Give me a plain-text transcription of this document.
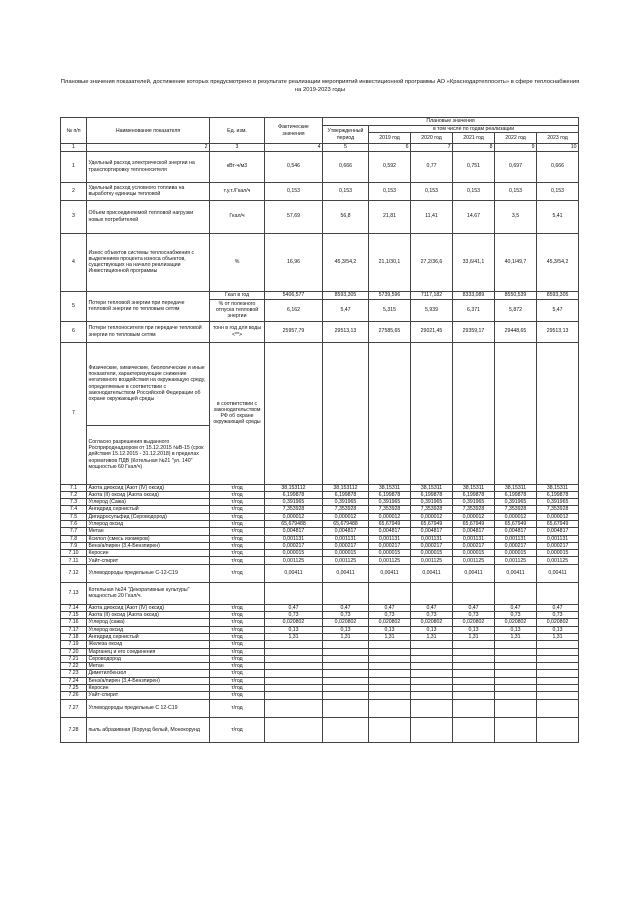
Плановые значения показателей, достижение которых предусмотрено в результате реализации мероприятий инвестиционной программы АО «Краснодартеплосеть» в сфере теплоснабжения на 2019-2023 годы
№ п/п	Наименование показателя	Ед. изм.	Фактические значения	Плановые значения					
				Утвержденный период	в том числе по годам реализации				
					2019 год	2020 год	2021 год	2022 год	2023 год
1	2	3	4	5	6	7	8	9	10
1	Удельный расход электрической энергии на транспортировку теплоносителя	кВт-ч/м3	0,546	0,666	0,592	0,77	0,751	0,697	0,666
2	Удельный расход условного топлива на выработку единицы тепловой	т.у.т./Гкал/ч	0,153	0,153	0,153	0,153	0,153	0,153	0,153
3	Объем присоединяемой тепловой нагрузки новых потребителей	Гкал/ч	57,69	56,8	21,81	11,41	14,67	3,5	5,41
4	Износ объектов системы теплоснабжения с выделением процента износа объектов, существующих на начало реализации Инвестиционной программы	%	16,96	45,3/54,2	21,1/30,1	27,2/36,6	33,6/41,1	40,1/49,7	45,3/54,2
5	Потери тепловой энергии при передаче тепловой энергии по тепловым сетям	Гкал в год	5406,577	8593,305	5739,596	7117,182	8333,089	8550,539	8593,305
		% от полезного отпуска тепловой энергии	6,162	5,47	5,315	5,939	6,371	5,872	5,47

6	Потери теплоносителя при передаче тепловой энергии по тепловым сетям	тонн в год для воды <**>	25957,79	29513,13	27585,65	29021,45	29359,17	29448,65	29513,13
7	Физические, химические, биологические и иные показатели, характеризующие снижение негативного воздействия на окружающую среду, определяемые в соответствии с законодательством Российской Федерации об охране окружающей среды	в соответствии с законодательством РФ об охране окружающей среды							
	Согласно разрешения выданного Росприроднадзором от 15.12.2015 №В-15 (срок действия 15.12.2015 - 31.12.2018) в пределах нормативов ПДВ (Котельная №21 "ул. 140" мощностью 60 Гкал/ч)								
7.1	Азота диоксид (Азот (IV) оксид)	т/год	38,153112	38,153112	38,15311	38,15311	38,15311	38,15311	38,15311
7.2	Азота (II) оксид (Азота оксид)	т/год	6,199878	6,199878	6,199878	6,199878	6,199878	6,199878	6,199878
7.3	Углерод (Сажа)	т/год	0,391965	0,391965	0,391965	0,391965	0,391965	0,391965	0,391965
7.4	Ангидрид сернистый	т/год	7,353928	7,353928	7,353928	7,353928	7,353928	7,353928	7,353928
7.5	Дигидросульфид (Сероводород)	т/год	0,000012	0,000012	0,000012	0,000012	0,000012	0,000012	0,000012
7.6	Углерод оксид	т/год	65,679488	65,679488	65,67949	65,67949	65,67949	65,67949	65,67949
7.7	Метан	т/год	0,004817	0,004817	0,004817	0,004817	0,004817	0,004817	0,004817
7.8	Ксилол (смесь изомеров)	т/год	0,001131	0,001131	0,001131	0,001131	0,001131	0,001131	0,001131
7.9	Бенз/а/пирен (3,4-Бензпирен)	т/год	0,000217	0,000217	0,000217	0,000217	0,000217	0,000217	0,000217
7.10	Керосин	т/год	0,000015	0,000015	0,000015	0,000015	0,000015	0,000015	0,000015
7.11	Уайт-спирит	т/год	0,001125	0,001125	0,001125	0,001125	0,001125	0,001125	0,001125
7.12	Углеводороды предельные С-12-С19	т/год	0,00411	0,00411	0,00411	0,00411	0,00411	0,00411	0,00411
7.13	Котельная №24 "Декоративные культуры" мощностью 20 Гкал/ч.								
7.14	Азота диоксид (Азот (IV) оксид)	т/год	0,47	0,47	0,47	0,47	0,47	0,47	0,47
7.15	Азота (II) оксид (Азота оксид)	т/год	0,73	0,73	0,73	0,73	0,73	0,73	0,73
7.16	Углерод (сажа)	т/год	0,020802	0,020802	0,020802	0,020802	0,020802	0,020802	0,020802
7.17	Углерод оксид	т/год	0,13	0,13	0,13	0,13	0,13	0,13	0,13
7.18	Ангидрид сернистый	т/год	1,31	1,31	1,31	1,31	1,31	1,31	1,31
7.19	Железа оксид	т/год							
7.20	Марганец и его соединения	т/год							
7.21	Сероводород	т/год							
7.22	Метан	т/год							
7.23	Диметилбензол	т/год							
7.24	Бенз/а/пирен (3,4-Бензпирен)	т/год							
7.25	Керосин	т/год							
7.26	Уайт-спирит	т/год							
7.27	Углеводороды предельные С 12-С19	т/год							
7.28	пыль абразивная (Корунд белый, Монокорунд	т/год							
